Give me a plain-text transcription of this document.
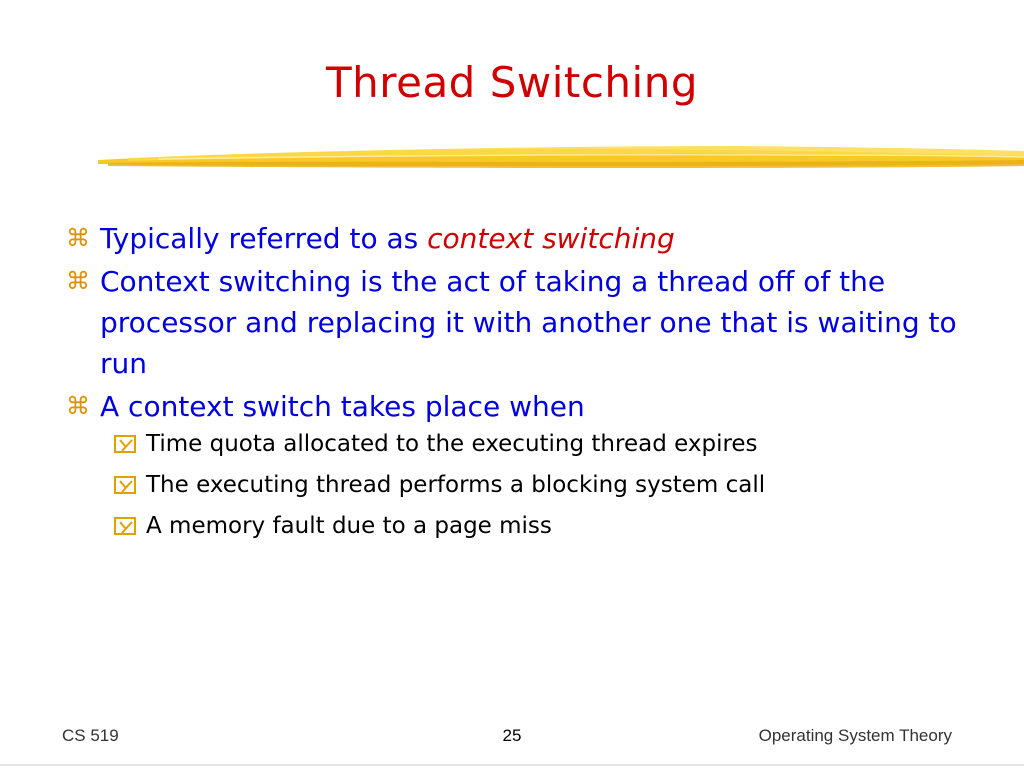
Thread Switching
⌘ Typically referred to as context switching
⌘ Context switching is the act of taking a thread off of the processor and replacing it with another one that is waiting to run
⌘ A context switch takes place when
Time quota allocated to the executing thread expires
The executing thread performs a blocking system call
A memory fault due to a page miss
CS 519	25	Operating System Theory
